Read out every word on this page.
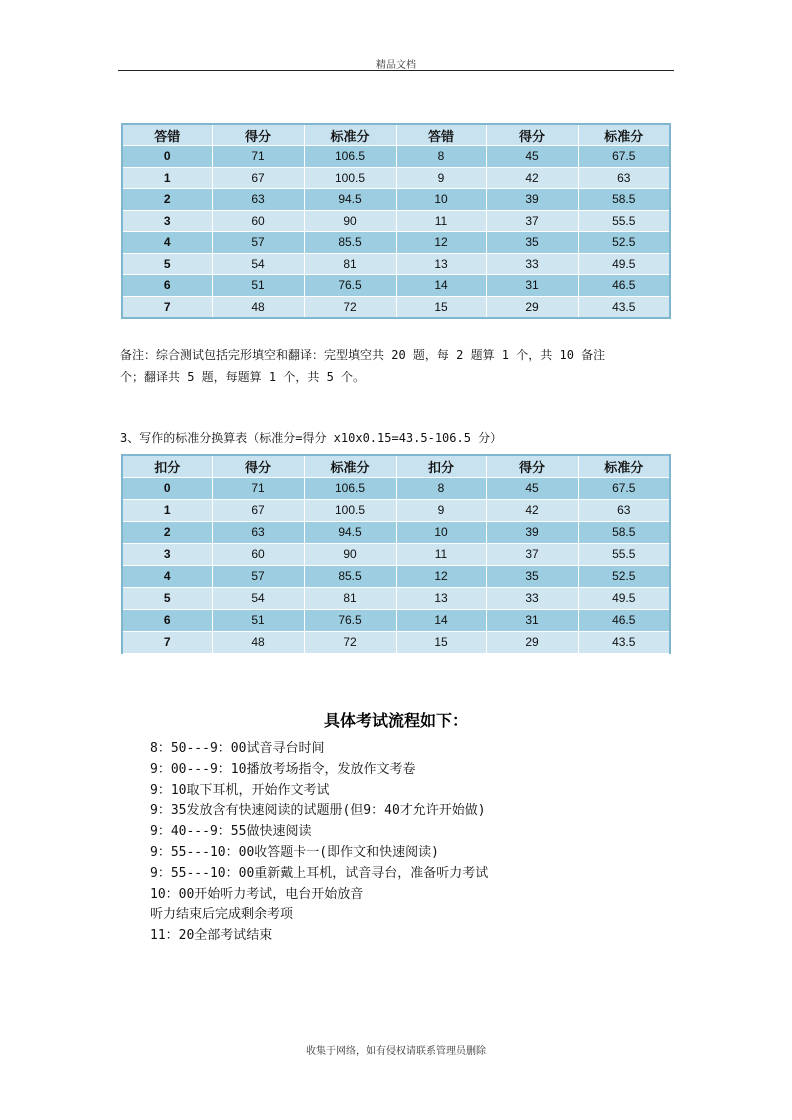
精品文档
答错	得分	标准分	答错	得分	标准分
0	71	106.5	8	45	67.5
1	67	100.5	9	42	63
2	63	94.5	10	39	58.5
3	60	90	11	37	55.5
4	57	85.5	12	35	52.5
5	54	81	13	33	49.5
6	51	76.5	14	31	46.5
7	48	72	15	29	43.5
备注：综合测试包括完形填空和翻译：完型填空共 20 题，每 2 题算 1 个，共 10 备注
个；翻译共 5 题，每题算 1 个，共 5 个。
3、写作的标准分换算表（标准分=得分 x10x0.15=43.5-106.5 分）
扣分	得分	标准分	扣分	得分	标准分
0	71	106.5	8	45	67.5
1	67	100.5	9	42	63
2	63	94.5	10	39	58.5
3	60	90	11	37	55.5
4	57	85.5	12	35	52.5
5	54	81	13	33	49.5
6	51	76.5	14	31	46.5
7	48	72	15	29	43.5
具体考试流程如下：
8：50---9：00试音寻台时间
9：00---9：10播放考场指令，发放作文考卷
9：10取下耳机，开始作文考试
9：35发放含有快速阅读的试题册(但9：40才允许开始做)
9：40---9：55做快速阅读
9：55---10：00收答题卡一(即作文和快速阅读)
9：55---10：00重新戴上耳机，试音寻台，准备听力考试
10：00开始听力考试，电台开始放音
听力结束后完成剩余考项
11：20全部考试结束
收集于网络，如有侵权请联系管理员删除
